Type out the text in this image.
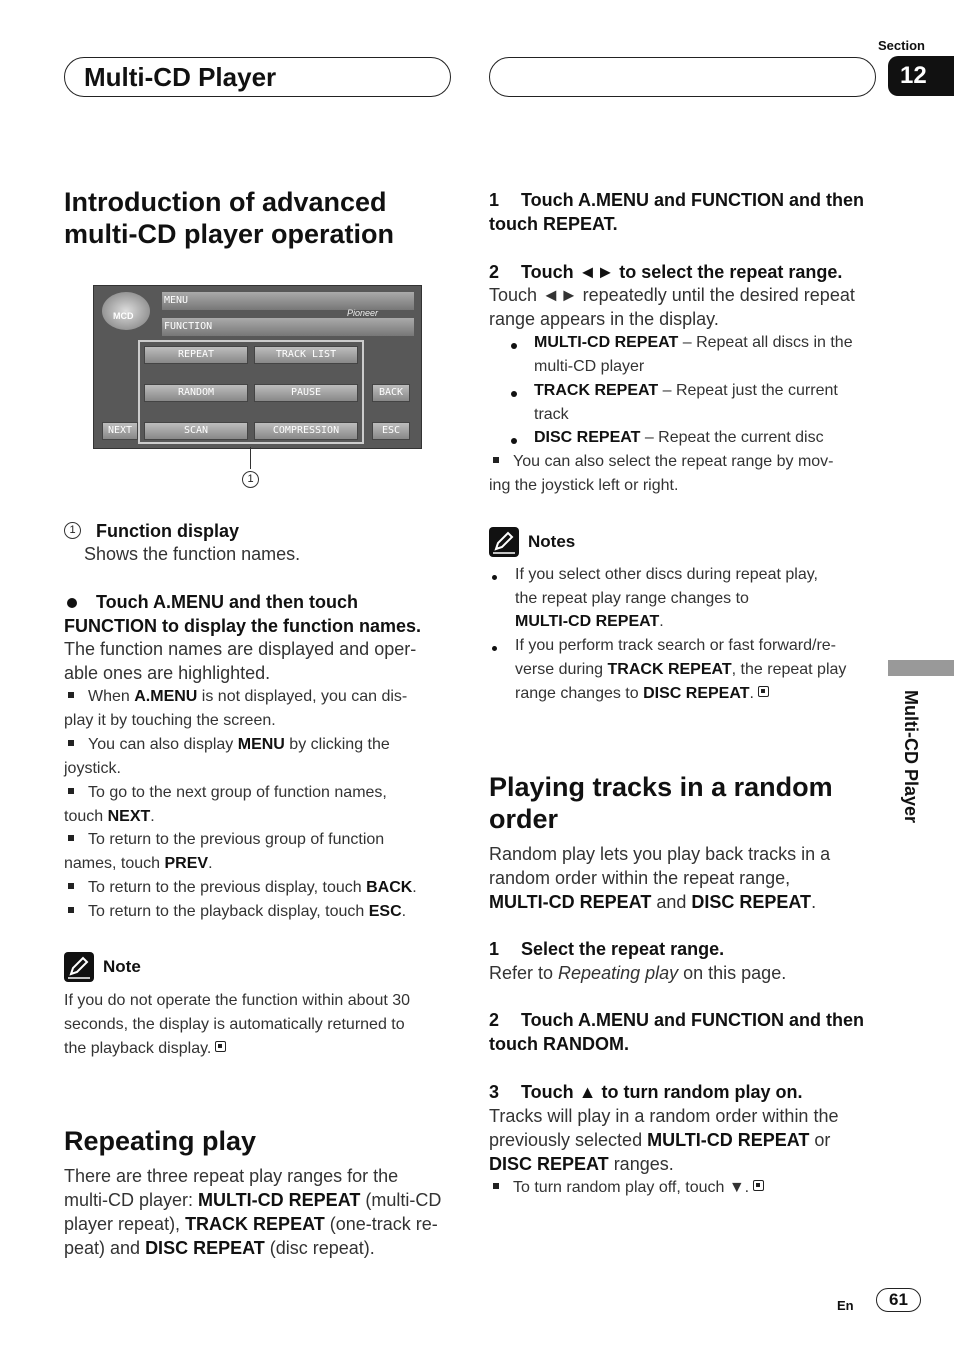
Multi-CD Player
Section
12
Multi-CD Player
Introduction of advanced
multi-CD player operation
MCD
MENU
Pioneer
FUNCTION
REPEAT	TRACK LIST
RANDOM	PAUSE	BACK
NEXT	SCAN	COMPRESSION	ESC
1
1	Function display
Shows the function names.
Touch A.MENU and then touch
FUNCTION to display the function names.
The function names are displayed and oper-
able ones are highlighted.
When A.MENU is not displayed, you can dis-
play it by touching the screen.
You can also display MENU by clicking the
joystick.
To go to the next group of function names,
touch NEXT.
To return to the previous group of function
names, touch PREV.
To return to the previous display, touch BACK.
To return to the playback display, touch ESC.
Note
If you do not operate the function within about 30
seconds, the display is automatically returned to
the playback display.
Repeating play
There are three repeat play ranges for the
multi-CD player: MULTI-CD REPEAT (multi-CD
player repeat), TRACK REPEAT (one-track re-
peat) and DISC REPEAT (disc repeat).
1 Touch A.MENU and FUNCTION and then
touch REPEAT.
2 Touch ◄► to select the repeat range.
Touch ◄► repeatedly until the desired repeat
range appears in the display.
MULTI-CD REPEAT – Repeat all discs in the
multi-CD player
TRACK REPEAT – Repeat just the current
track
DISC REPEAT – Repeat the current disc
You can also select the repeat range by mov-
ing the joystick left or right.
Notes
If you select other discs during repeat play,
the repeat play range changes to
MULTI-CD REPEAT.
If you perform track search or fast forward/re-
verse during TRACK REPEAT, the repeat play
range changes to DISC REPEAT.
Playing tracks in a random
order
Random play lets you play back tracks in a
random order within the repeat range,
MULTI-CD REPEAT and DISC REPEAT.
1 Select the repeat range.
Refer to Repeating play on this page.
2 Touch A.MENU and FUNCTION and then
touch RANDOM.
3 Touch ▲ to turn random play on.
Tracks will play in a random order within the
previously selected MULTI-CD REPEAT or
DISC REPEAT ranges.
To turn random play off, touch ▼.
En	61
